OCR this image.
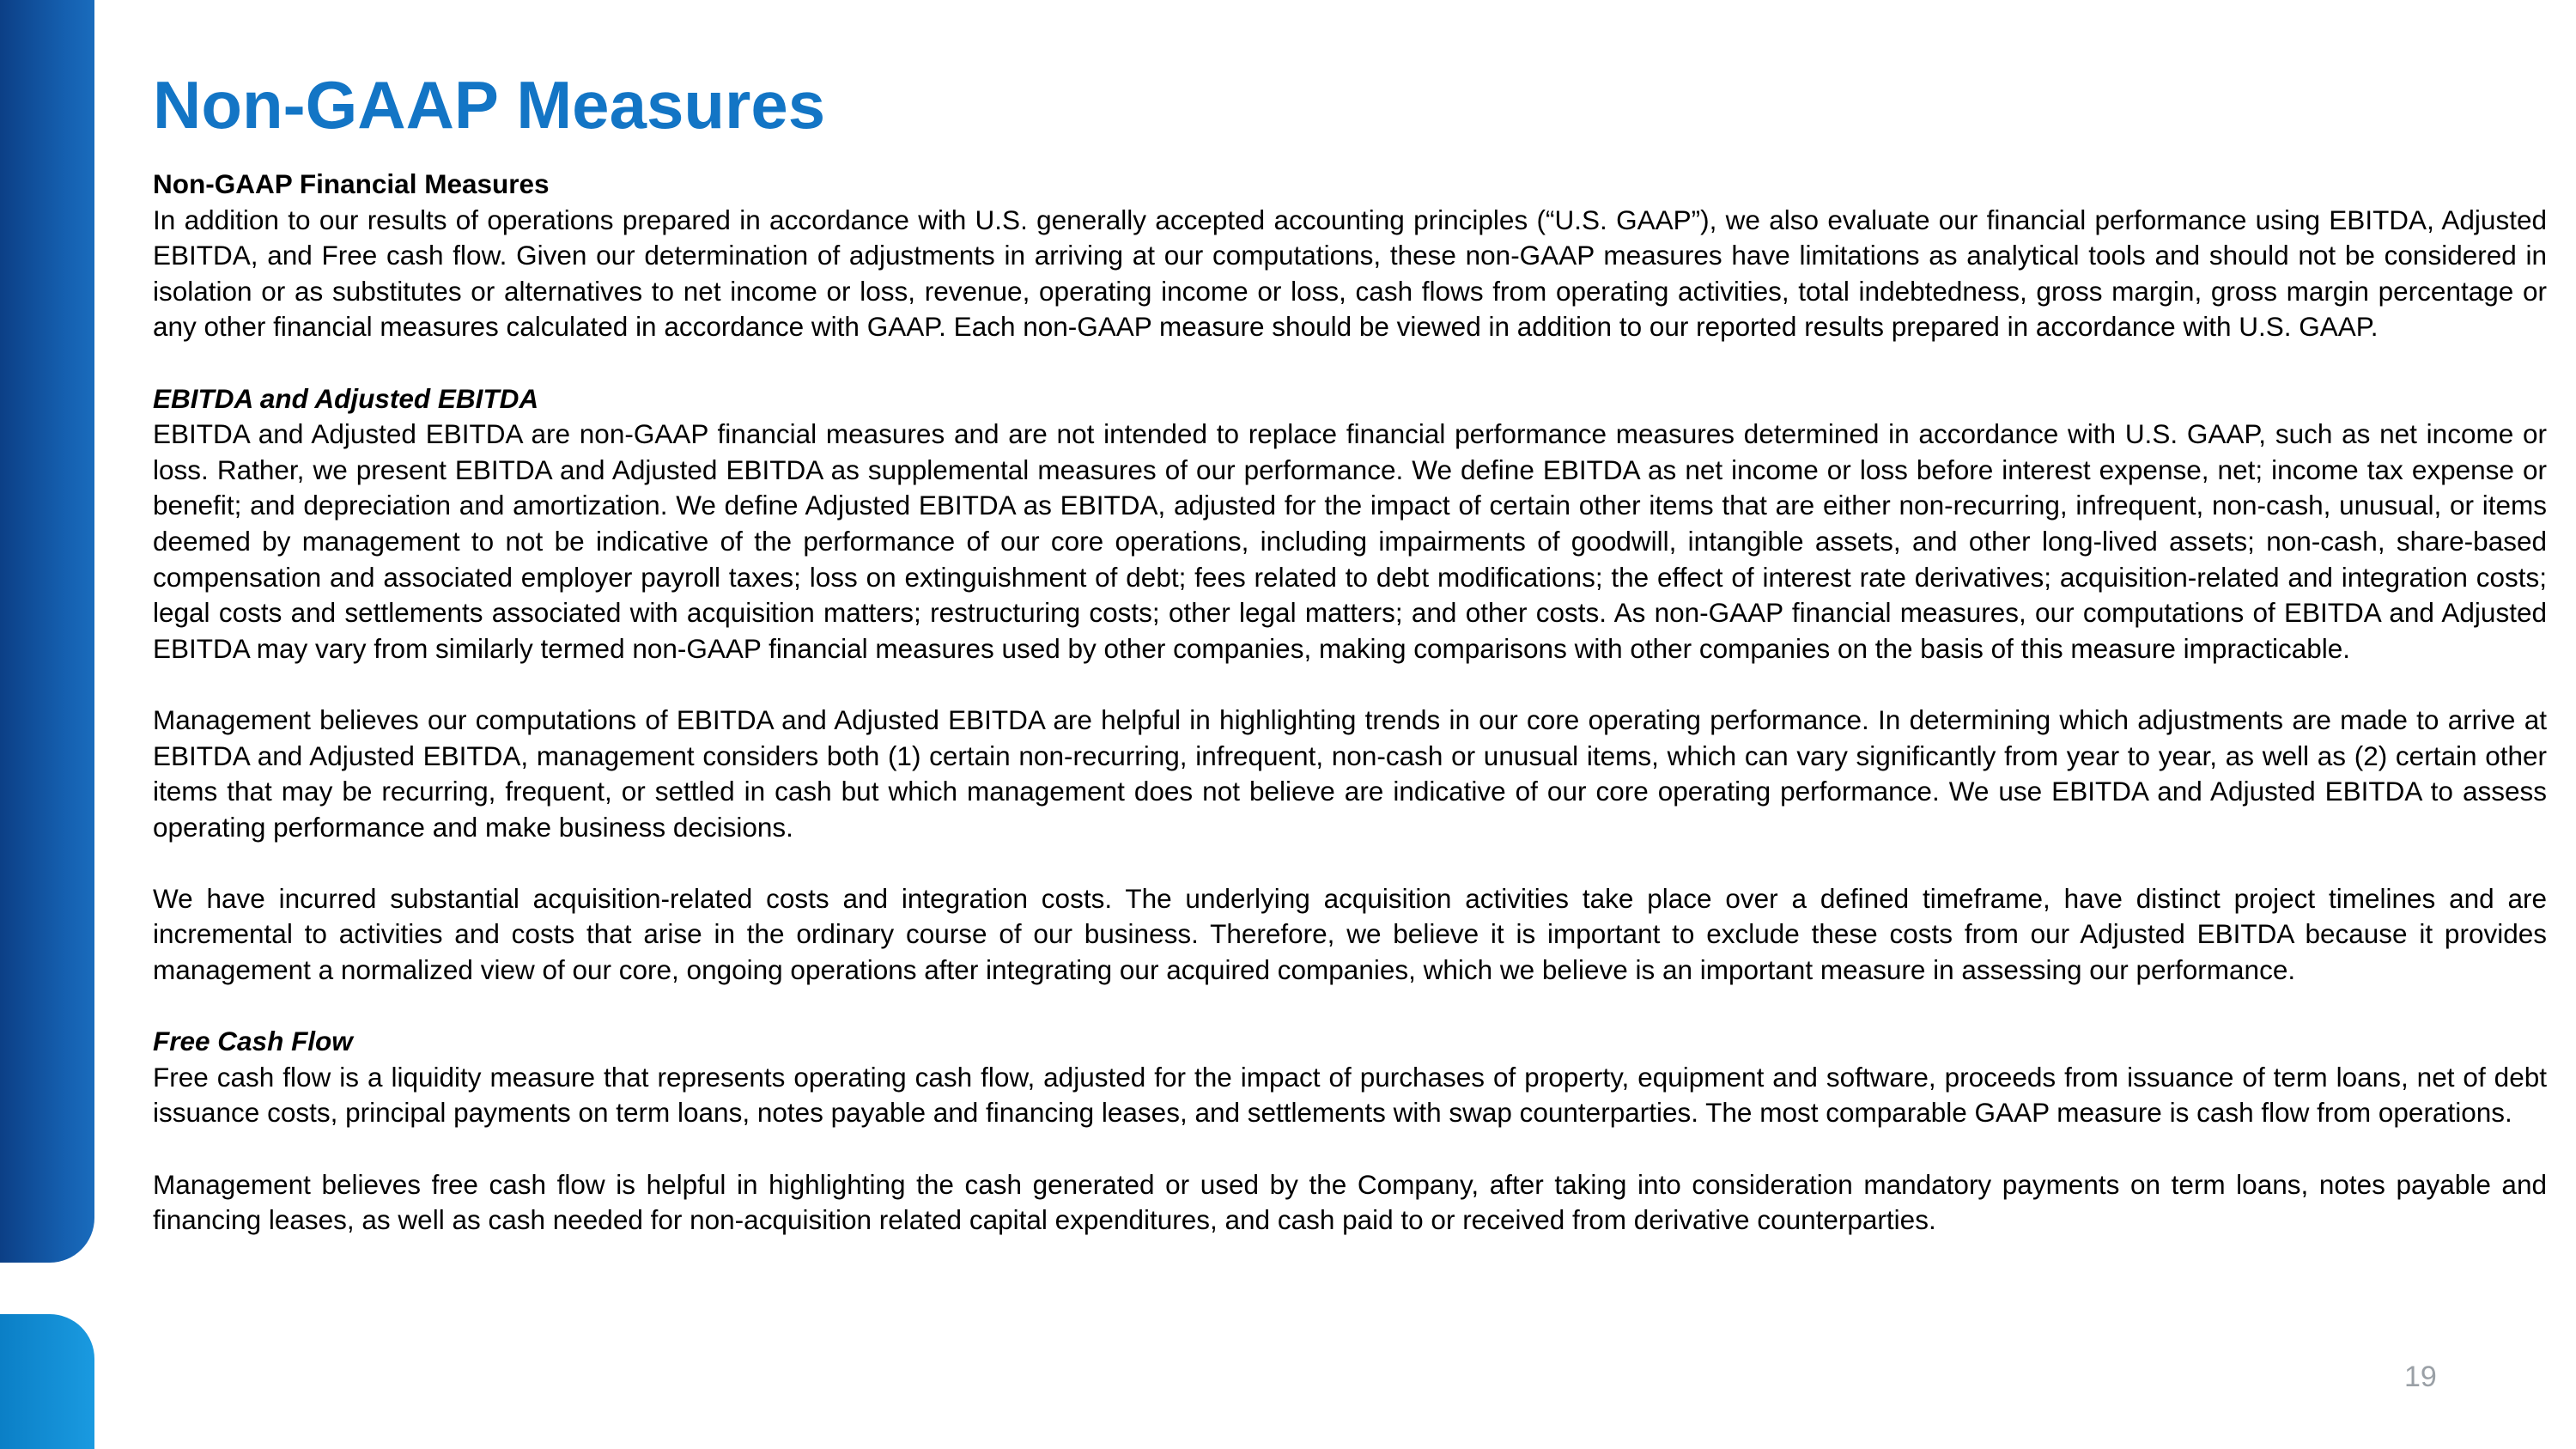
Non-GAAP Measures

Non-GAAP Financial Measures

In addition to our results of operations prepared in accordance with U.S. generally accepted accounting principles (“U.S. GAAP”), we also evaluate our financial performance using EBITDA, Adjusted EBITDA, and Free cash flow. Given our determination of adjustments in arriving at our computations, these non-GAAP measures have limitations as analytical tools and should not be considered in isolation or as substitutes or alternatives to net income or loss, revenue, operating income or loss, cash flows from operating activities, total indebtedness, gross margin, gross margin percentage or any other financial measures calculated in accordance with GAAP. Each non-GAAP measure should be viewed in addition to our reported results prepared in accordance with U.S. GAAP.

EBITDA and Adjusted EBITDA

EBITDA and Adjusted EBITDA are non-GAAP financial measures and are not intended to replace financial performance measures determined in accordance with U.S. GAAP, such as net income or loss. Rather, we present EBITDA and Adjusted EBITDA as supplemental measures of our performance. We define EBITDA as net income or loss before interest expense, net; income tax expense or benefit; and depreciation and amortization. We define Adjusted EBITDA as EBITDA, adjusted for the impact of certain other items that are either non-recurring, infrequent, non-cash, unusual, or items deemed by management to not be indicative of the performance of our core operations, including impairments of goodwill, intangible assets, and other long-lived assets; non-cash, share-based compensation and associated employer payroll taxes; loss on extinguishment of debt; fees related to debt modifications; the effect of interest rate derivatives; acquisition-related and integration costs; legal costs and settlements associated with acquisition matters; restructuring costs; other legal matters; and other costs. As non-GAAP financial measures, our computations of EBITDA and Adjusted EBITDA may vary from similarly termed non-GAAP financial measures used by other companies, making comparisons with other companies on the basis of this measure impracticable.

Management believes our computations of EBITDA and Adjusted EBITDA are helpful in highlighting trends in our core operating performance. In determining which adjustments are made to arrive at EBITDA and Adjusted EBITDA, management considers both (1) certain non-recurring, infrequent, non-cash or unusual items, which can vary significantly from year to year, as well as (2) certain other items that may be recurring, frequent, or settled in cash but which management does not believe are indicative of our core operating performance. We use EBITDA and Adjusted EBITDA to assess operating performance and make business decisions.

We have incurred substantial acquisition-related costs and integration costs. The underlying acquisition activities take place over a defined timeframe, have distinct project timelines and are incremental to activities and costs that arise in the ordinary course of our business. Therefore, we believe it is important to exclude these costs from our Adjusted EBITDA because it provides management a normalized view of our core, ongoing operations after integrating our acquired companies, which we believe is an important measure in assessing our performance.

Free Cash Flow

Free cash flow is a liquidity measure that represents operating cash flow, adjusted for the impact of purchases of property, equipment and software, proceeds from issuance of term loans, net of debt issuance costs, principal payments on term loans, notes payable and financing leases, and settlements with swap counterparties. The most comparable GAAP measure is cash flow from operations.

Management believes free cash flow is helpful in highlighting the cash generated or used by the Company, after taking into consideration mandatory payments on term loans, notes payable and financing leases, as well as cash needed for non-acquisition related capital expenditures, and cash paid to or received from derivative counterparties.

19
